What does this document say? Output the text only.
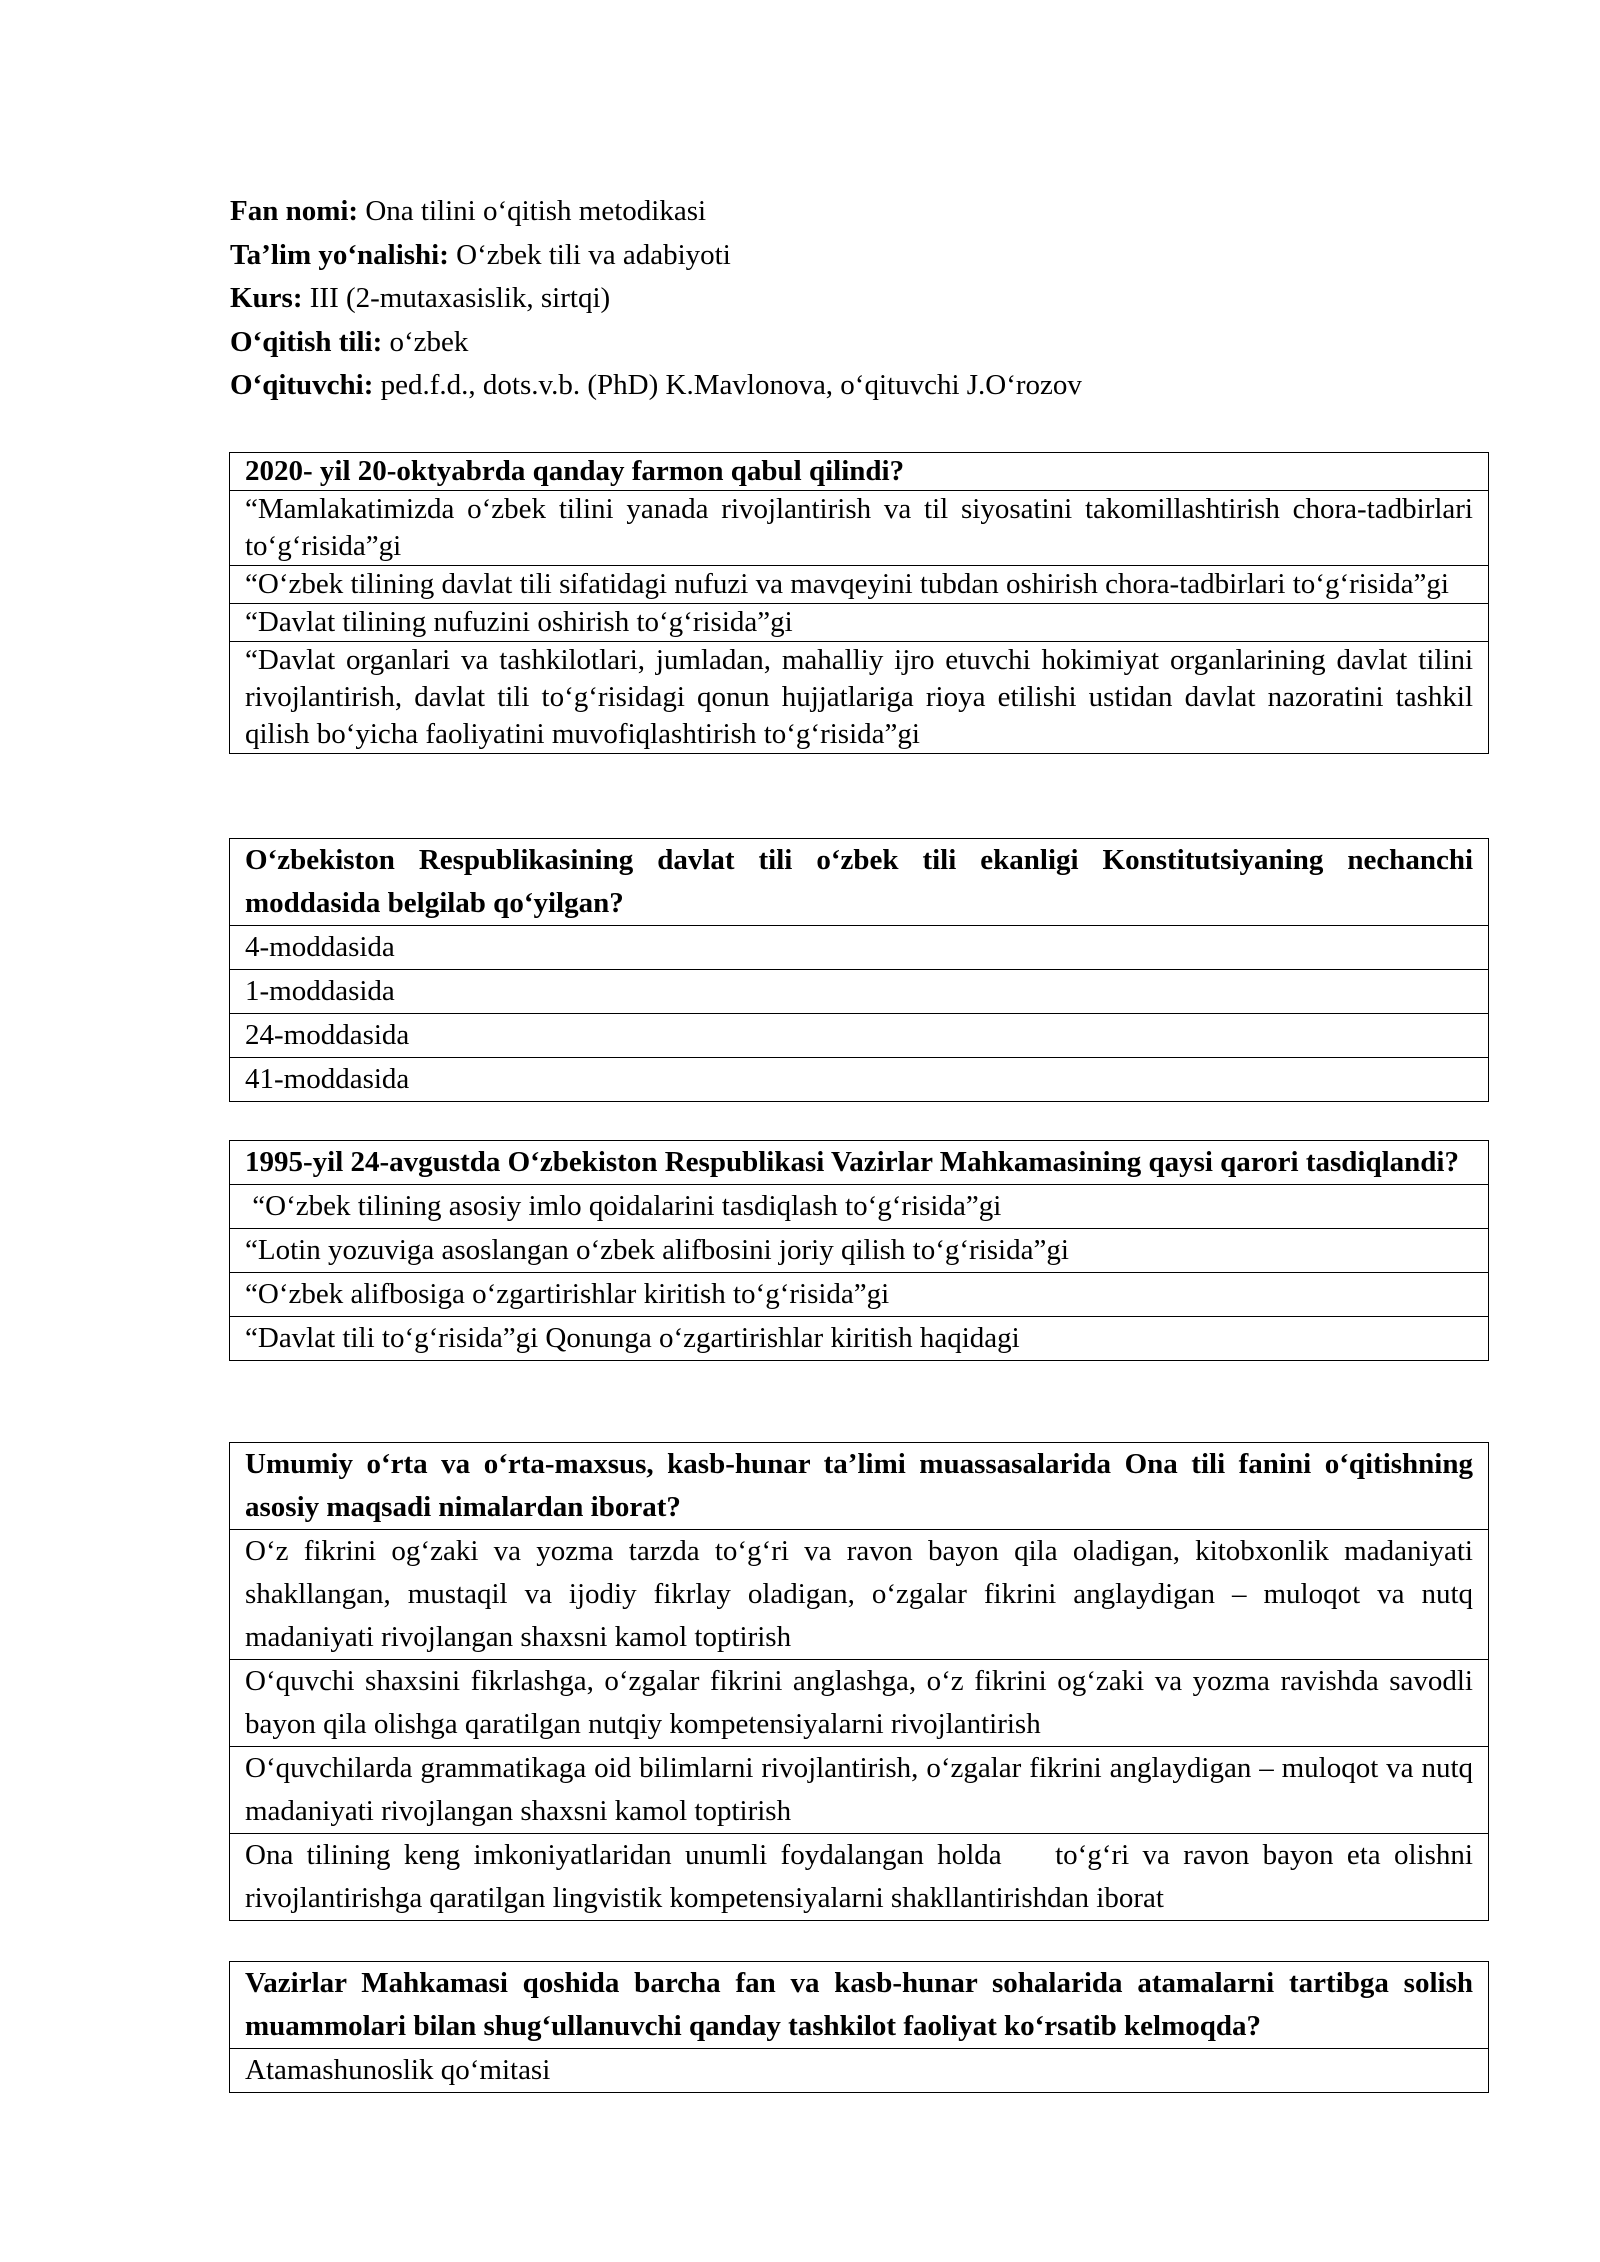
Fan nomi: Ona tilini o‘qitish metodikasi
Ta’lim yo‘nalishi: O‘zbek tili va adabiyoti
Kurs: III (2-mutaxasislik, sirtqi)
O‘qitish tili: o‘zbek
O‘qituvchi: ped.f.d., dots.v.b. (PhD) K.Mavlonova, o‘qituvchi J.O‘rozov
2020- yil 20-oktyabrda qanday farmon qabul qilindi?
“Mamlakatimizda o‘zbek tilini yanada rivojlantirish va til siyosatini takomillashtirish chora-tadbirlari to‘g‘risida”gi
“O‘zbek tilining davlat tili sifatidagi nufuzi va mavqeyini tubdan oshirish chora-tadbirlari to‘g‘risida”gi
“Davlat tilining nufuzini oshirish to‘g‘risida”gi
“Davlat organlari va tashkilotlari, jumladan, mahalliy ijro etuvchi hokimiyat organlarining davlat tilini rivojlantirish, davlat tili to‘g‘risidagi qonun hujjatlariga rioya etilishi ustidan davlat nazoratini tashkil qilish bo‘yicha faoliyatini muvofiqlashtirish to‘g‘risida”gi
O‘zbekiston Respublikasining davlat tili o‘zbek tili ekanligi Konstitutsiyaning nechanchi moddasida belgilab qo‘yilgan?
4-moddasida
1-moddasida
24-moddasida
41-moddasida
1995-yil 24-avgustda O‘zbekiston Respublikasi Vazirlar Mahkamasining qaysi qarori tasdiqlandi?
“O‘zbek tilining asosiy imlo qoidalarini tasdiqlash to‘g‘risida”gi
“Lotin yozuviga asoslangan o‘zbek alifbosini joriy qilish to‘g‘risida”gi
“O‘zbek alifbosiga o‘zgartirishlar kiritish to‘g‘risida”gi
“Davlat tili to‘g‘risida”gi Qonunga o‘zgartirishlar kiritish haqidagi
Umumiy o‘rta va o‘rta-maxsus, kasb-hunar ta’limi muassasalarida Ona tili fanini o‘qitishning asosiy maqsadi nimalardan iborat?
O‘z fikrini og‘zaki va yozma tarzda to‘g‘ri va ravon bayon qila oladigan, kitobxonlik madaniyati shakllangan, mustaqil va ijodiy fikrlay oladigan, o‘zgalar fikrini anglaydigan – muloqot va nutq madaniyati rivojlangan shaxsni kamol toptirish
O‘quvchi shaxsini fikrlashga, o‘zgalar fikrini anglashga, o‘z fikrini og‘zaki va yozma ravishda savodli bayon qila olishga qaratilgan nutqiy kompetensiyalarni rivojlantirish
O‘quvchilarda grammatikaga oid bilimlarni rivojlantirish, o‘zgalar fikrini anglaydigan – muloqot va nutq madaniyati rivojlangan shaxsni kamol toptirish
Ona tilining keng imkoniyatlaridan unumli foydalangan holda    to‘g‘ri va ravon bayon eta olishni rivojlantirishga qaratilgan lingvistik kompetensiyalarni shakllantirishdan iborat
Vazirlar Mahkamasi qoshida barcha fan va kasb-hunar sohalarida atamalarni tartibga solish muammolari bilan shug‘ullanuvchi qanday tashkilot faoliyat ko‘rsatib kelmoqda?
Atamashunoslik qo‘mitasi
